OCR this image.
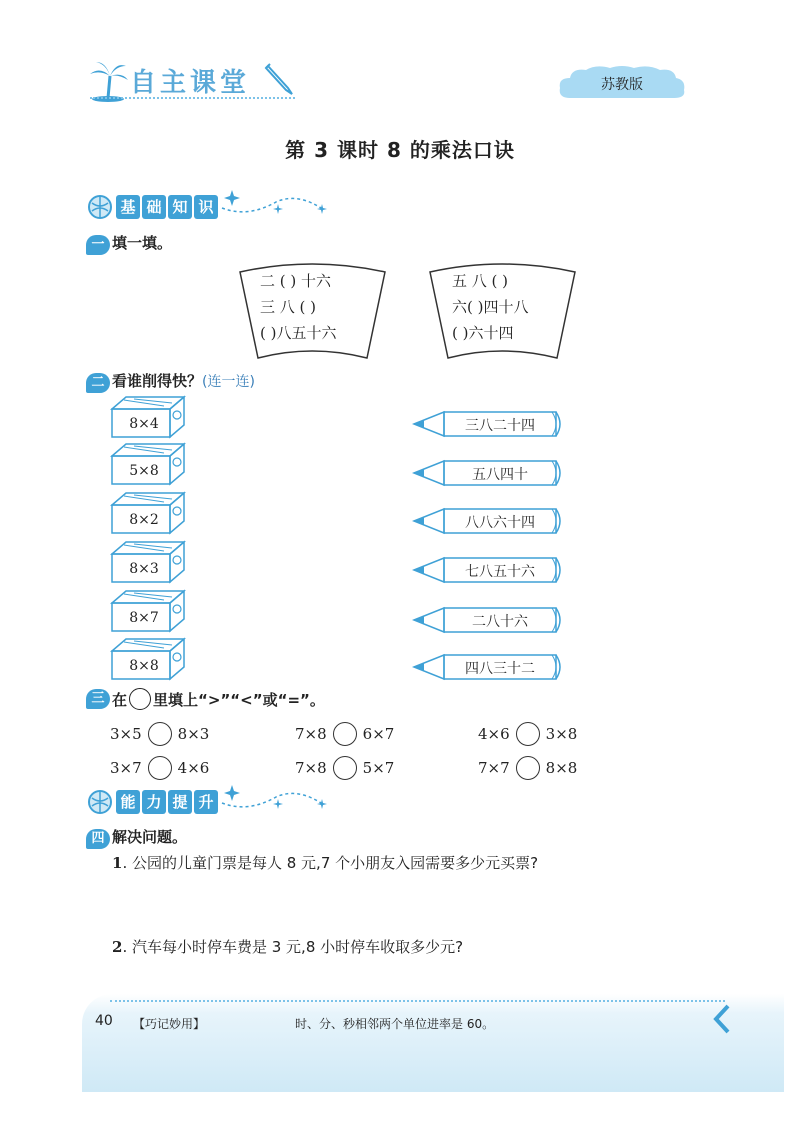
自主课堂	苏教版
第 3 课时 8 的乘法口诀
基 础 知 识
一 填一填。
二 ( ) 十六
三 八 ( )
( )八五十六
五 八 ( )
六( )四十八
( )六十四
二 看谁削得快？(连一连)
8×4
5×8
8×2
8×3
8×7
8×8
三八二十四
五八四十
八八六十四
七八五十六
二八十六
四八三十二
三 在 里填上“>”“<”或“=”。
3×5 8×3	7×8 6×7	4×6 3×8
3×7 4×6	7×8 5×7	7×7 8×8
能 力 提 升
四 解决问题。
1. 公园的儿童门票是每人 8 元,7 个小朋友入园需要多少元买票?
2. 汽车每小时停车费是 3 元,8 小时停车收取多少元?
40 【巧记妙用】	时、分、秒相邻两个单位进率是 60。
